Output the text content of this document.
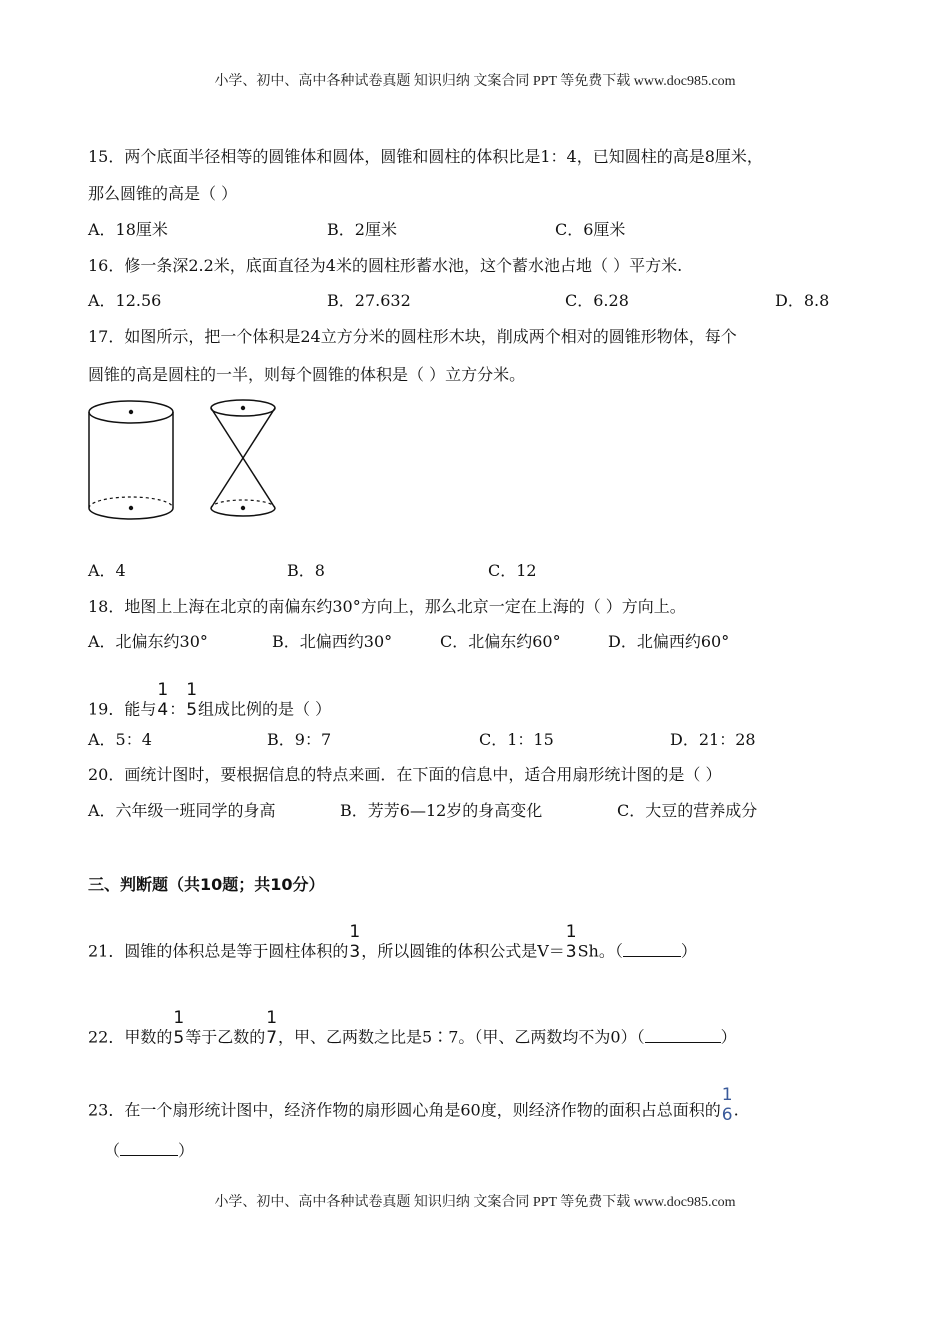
小学、初中、高中各种试卷真题 知识归纳 文案合同 PPT 等免费下载 www.doc985.com
15．两个底面半径相等的圆锥体和圆体，圆锥和圆柱的体积比是1：4，已知圆柱的高是8厘米，
那么圆锥的高是（ ）
A．18厘米	B．2厘米	C．6厘米
16．修一条深2.2米，底面直径为4米的圆柱形蓄水池，这个蓄水池占地（ ）平方米.
A．12.56	B．27.632	C．6.28	D．8.8
17．如图所示，把一个体积是24立方分米的圆柱形木块，削成两个相对的圆锥形物体，每个
圆锥的高是圆柱的一半，则每个圆锥的体积是（ ）立方分米。
A．4	B．8	C．12
18．地图上上海在北京的南偏东约30°方向上，那么北京一定在上海的（ ）方向上。
A．北偏东约30°	B．北偏西约30°	C．北偏东约60°	D．北偏西约60°
19．能与
1
4 ：
1
5 组成比例的是（ ）
A．5：4	B．9：7	C．1：15	D．21：28
20．画统计图时，要根据信息的特点来画．在下面的信息中，适合用扇形统计图的是（ ）
A．六年级一班同学的身高	B．芳芳6—12岁的身高变化	C．大豆的营养成分
三、判断题（共10题；共10分）
21．圆锥的体积总是等于圆柱体积的
1
3 ，所以圆锥的体积公式是V＝
1
3 Sh。（	）
22．甲数的
1
5 等于乙数的
1
7 ，甲、乙两数之比是5∶7。（甲、乙两数均不为0）（	）
23．在一个扇形统计图中，经济作物的扇形圆心角是60度，则经济作物的面积占总面积的
1
6 .
（	）
小学、初中、高中各种试卷真题 知识归纳 文案合同 PPT 等免费下载 www.doc985.com
